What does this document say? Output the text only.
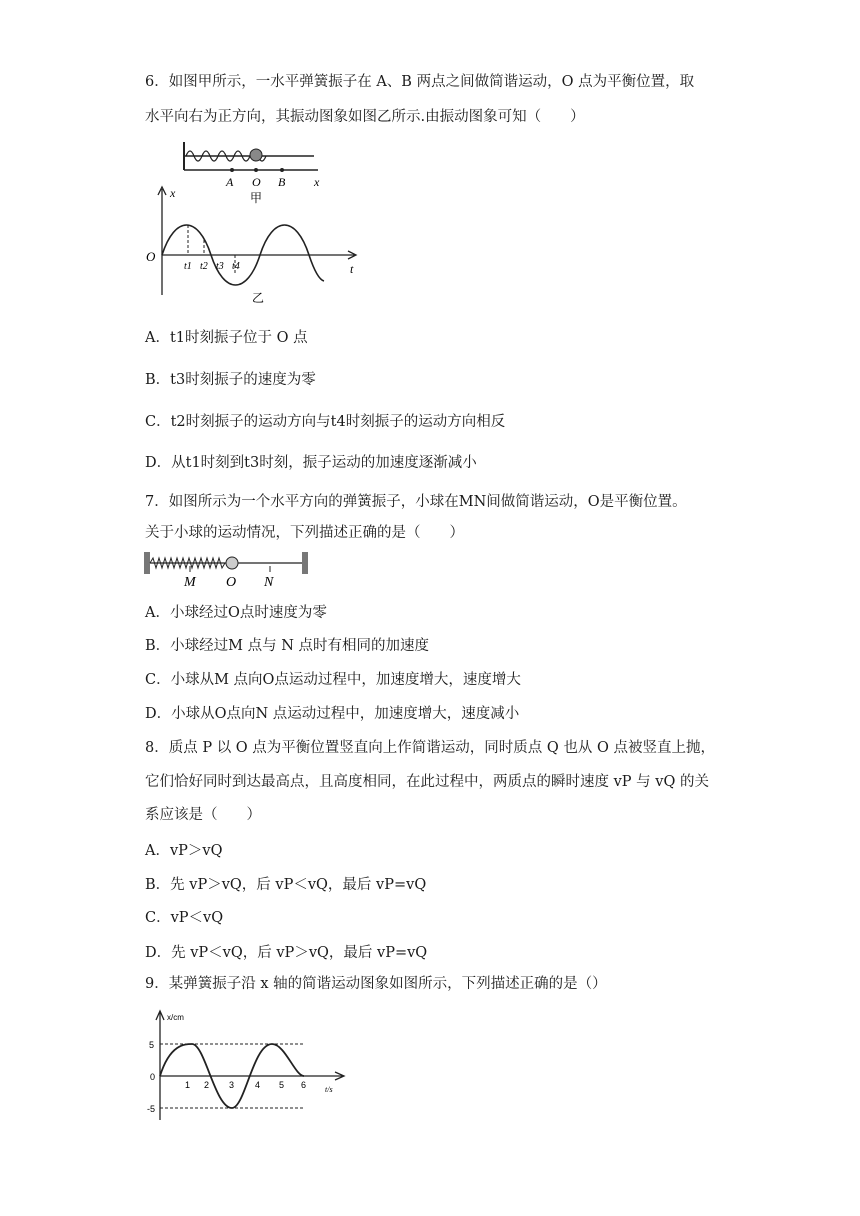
6．如图甲所示，一水平弹簧振子在 A、B 两点之间做简谐运动，O 点为平衡位置，取
水平向右为正方向，其振动图象如图乙所示.由振动图象可知（　　）
A O B x
甲
x
t
O
t1 t2 t3 t4
乙
A．t1时刻振子位于 O 点
B．t3时刻振子的速度为零
C．t2时刻振子的运动方向与t4时刻振子的运动方向相反
D．从t1时刻到t3时刻，振子运动的加速度逐渐减小
7．如图所示为一个水平方向的弹簧振子，小球在MN间做简谐运动，O是平衡位置。
关于小球的运动情况，下列描述正确的是（　　）
M O N
A．小球经过O点时速度为零
B．小球经过M 点与 N 点时有相同的加速度
C．小球从M 点向O点运动过程中，加速度增大，速度增大
D．小球从O点向N 点运动过程中，加速度增大，速度减小
8．质点 P 以 O 点为平衡位置竖直向上作简谐运动，同时质点 Q 也从 O 点被竖直上抛，
它们恰好同时到达最高点，且高度相同，在此过程中，两质点的瞬时速度 vP 与 vQ 的关
系应该是（　　）
A．vP＞vQ
B．先 vP＞vQ，后 vP＜vQ，最后 vP=vQ
C．vP＜vQ
D．先 vP＜vQ，后 vP＞vQ，最后 vP=vQ
9．某弹簧振子沿 x 轴的简谐运动图象如图所示，下列描述正确的是（）
x/cm
t/s
5
0
-5
1 2 3 4 5 6
